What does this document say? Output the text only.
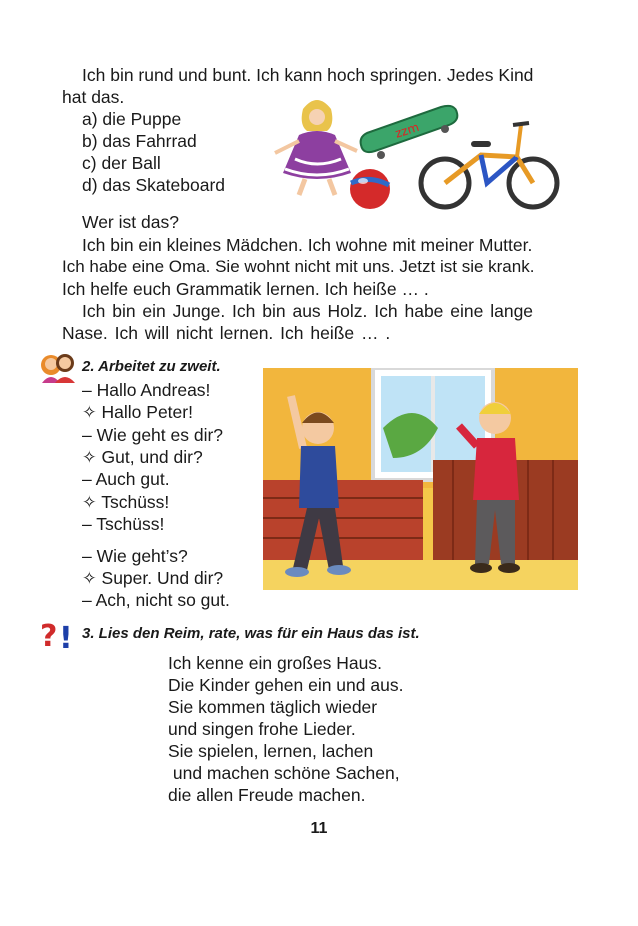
Ich bin rund und bunt. Ich kann hoch springen. Jedes Kind
hat das.
a) die Puppe
b) das Fahrrad
c) der Ball
d) das Skateboard
zzm
Wer ist das?
Ich bin ein kleines Mädchen. Ich wohne mit meiner Mutter.
Ich habe eine Oma. Sie wohnt nicht mit uns. Jetzt ist sie krank.
Ich helfe euch Grammatik lernen. Ich heiße … .
Ich bin ein Junge. Ich bin aus Holz. Ich habe eine lange
Nase. Ich will nicht lernen. Ich heiße … .
2. Arbeitet zu zweit.
– Hallo Andreas!
✧ Hallo Peter!
– Wie geht es dir?
✧ Gut, und dir?
– Auch gut.
✧ Tschüss!
– Tschüss!
– Wie geht’s?
✧ Super. Und dir?
– Ach, nicht so gut.
? ! 3. Lies den Reim, rate, was für ein Haus das ist.
Ich kenne ein großes Haus.
Die Kinder gehen ein und aus.
Sie kommen täglich wieder
und singen frohe Lieder.
Sie spielen, lernen, lachen
und machen schöne Sachen,
die allen Freude machen.
11
